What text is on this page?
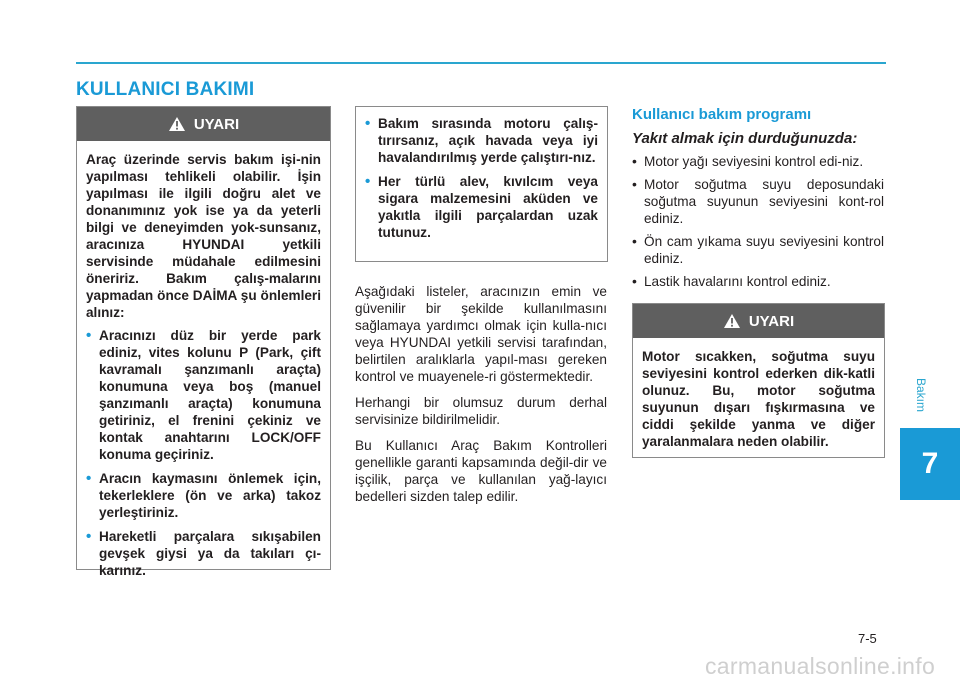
KULLANICI BAKIMI
UYARI

Araç üzerinde servis bakım işi-nin yapılması tehlikeli olabilir. İşin yapılması ile ilgili doğru alet ve donanımınız yok ise ya da yeterli bilgi ve deneyimden yok-sunsanız, aracınıza HYUNDAI yetkili servisinde müdahale edilmesini öneririz. Bakım çalış-malarını yapmadan önce DAİMA şu önlemleri alınız:

• Aracınızı düz bir yerde park ediniz, vites kolunu P (Park, çift kavramalı şanzımanlı araçta) konumuna veya boş (manuel şanzımanlı araçta) konumuna getiriniz, el frenini çekiniz ve kontak anahtarını LOCK/OFF konuma geçiriniz.
• Aracın kaymasını önlemek için, tekerleklere (ön ve arka) takoz yerleştiriniz.
• Hareketli parçalara sıkışabilen gevşek giysi ya da takıları çı-karınız.
• Bakım sırasında motoru çalış-tırırsanız, açık havada veya iyi havalandırılmış yerde çalıştırı-nız.
• Her türlü alev, kıvılcım veya sigara malzemesini aküden ve yakıtla ilgili parçalardan uzak tutunuz.

Aşağıdaki listeler, aracınızın emin ve güvenilir bir şekilde kullanılmasını sağlamaya yardımcı olmak için kulla-nıcı veya HYUNDAI yetkili servisi tarafından, belirtilen aralıklarla yapıl-ması gereken kontrol ve muayenele-ri göstermektedir.

Herhangi bir olumsuz durum derhal servisinize bildirilmelidir.

Bu Kullanıcı Araç Bakım Kontrolleri genellikle garanti kapsamında değil-dir ve işçilik, parça ve kullanılan yağ-layıcı bedelleri sizden talep edilir.

Kullanıcı bakım programı
Yakıt almak için durduğunuzda:
• Motor yağı seviyesini kontrol edi-niz.
• Motor soğutma suyu deposundaki soğutma suyunun seviyesini kont-rol ediniz.
• Ön cam yıkama suyu seviyesini kontrol ediniz.
• Lastik havalarını kontrol ediniz.
UYARI

Motor sıcakken, soğutma suyu seviyesini kontrol ederken dik-katli olunuz. Bu, motor soğutma suyunun dışarı fışkırmasına ve ciddi şekilde yanma ve diğer yaralanmalara neden olabilir.

Bakım
7
7-5
carmanualsonline.info
